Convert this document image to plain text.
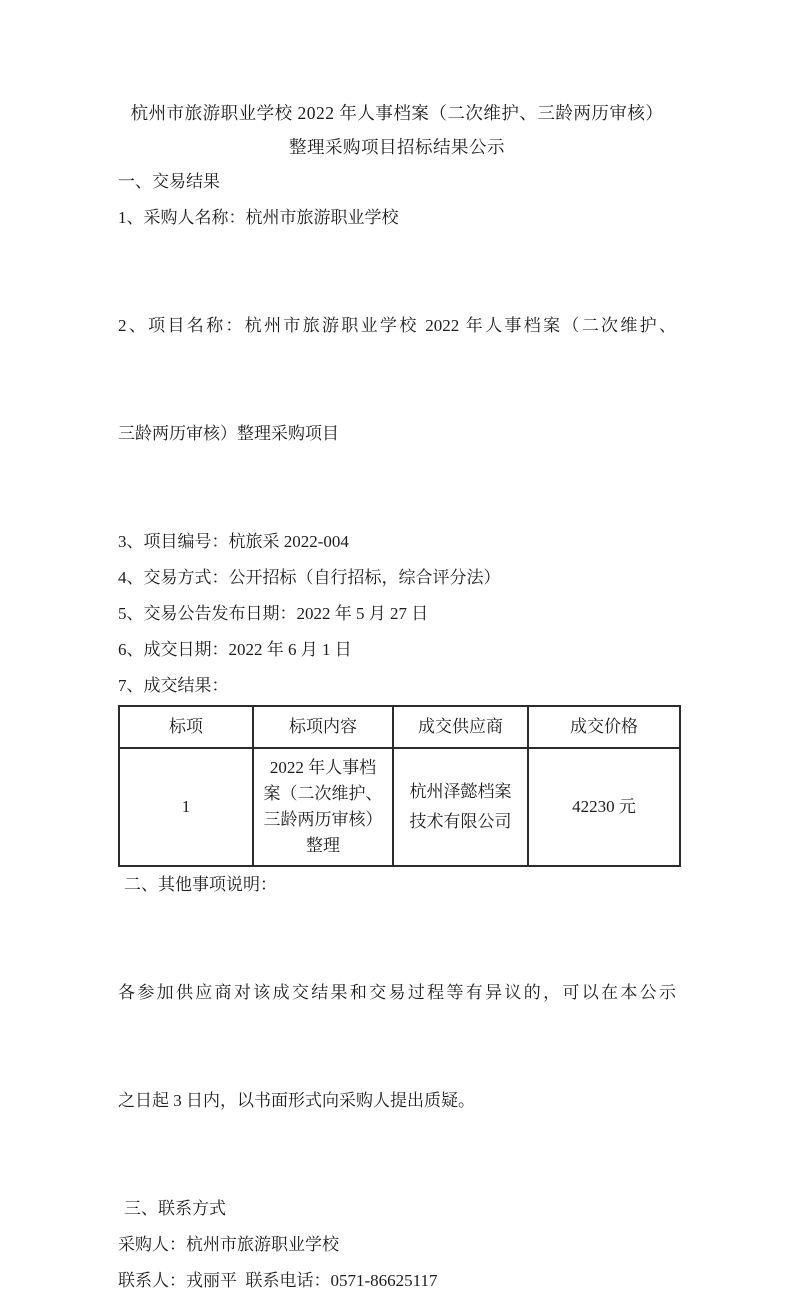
杭州市旅游职业学校 2022 年人事档案（二次维护、三龄两历审核）
整理采购项目招标结果公示

一、交易结果

1、采购人名称：杭州市旅游职业学校

2、项目名称：杭州市旅游职业学校 2022 年人事档案（二次维护、

三龄两历审核）整理采购项目

3、项目编号：杭旅采 2022-004

4、交易方式：公开招标（自行招标，综合评分法）

5、交易公告发布日期：2022 年 5 月 27 日

6、成交日期：2022 年 6 月 1 日

7、成交结果：

标项	标项内容	成交供应商	成交价格
1	2022 年人事档
案（二次维护、
三龄两历审核）
整理	杭州泽懿档案
技术有限公司	42230 元

二、其他事项说明：

各参加供应商对该成交结果和交易过程等有异议的，可以在本公示

之日起 3 日内，以书面形式向采购人提出质疑。

三、联系方式

采购人：杭州市旅游职业学校

联系人：戎丽平  联系电话：0571-86625117
